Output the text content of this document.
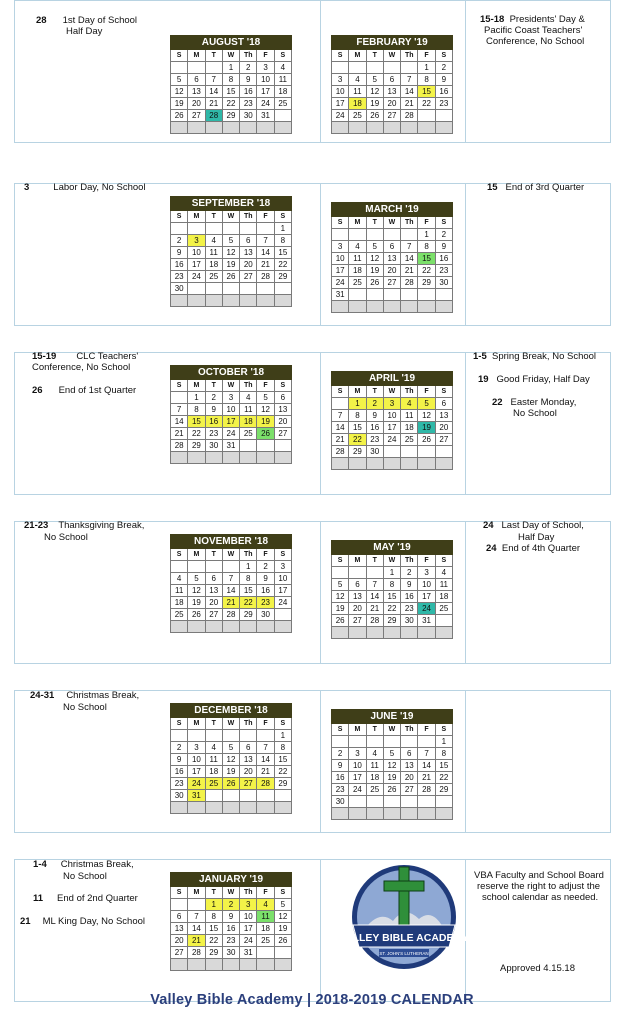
AUGUST '18						
S	M	T	W	Th	F	S
			1	2	3	4
5	6	7	8	9	10	11
12	13	14	15	16	17	18
19	20	21	22	23	24	25
26	27	28	29	30	31	

FEBRUARY '19						
S	M	T	W	Th	F	S
					1	2
3	4	5	6	7	8	9
10	11	12	13	14	15	16
17	18	19	20	21	22	23
24	25	26	27	28		

SEPTEMBER '18						
S	M	T	W	Th	F	S
						1
2	3	4	5	6	7	8
9	10	11	12	13	14	15
16	17	18	19	20	21	22
23	24	25	26	27	28	29
30						

MARCH '19						
S	M	T	W	Th	F	S
					1	2
3	4	5	6	7	8	9
10	11	12	13	14	15	16
17	18	19	20	21	22	23
24	25	26	27	28	29	30
31						

OCTOBER '18						
S	M	T	W	Th	F	S
	1	2	3	4	5	6
7	8	9	10	11	12	13
14	15	16	17	18	19	20
21	22	23	24	25	26	27
28	29	30	31			

APRIL '19						
S	M	T	W	Th	F	S
	1	2	3	4	5	6
7	8	9	10	11	12	13
14	15	16	17	18	19	20
21	22	23	24	25	26	27
28	29	30				

NOVEMBER '18						
S	M	T	W	Th	F	S
				1	2	3
4	5	6	7	8	9	10
11	12	13	14	15	16	17
18	19	20	21	22	23	24
25	26	27	28	29	30	

MAY '19						
S	M	T	W	Th	F	S
			1	2	3	4
5	6	7	8	9	10	11
12	13	14	15	16	17	18
19	20	21	22	23	24	25
26	27	28	29	30	31	

DECEMBER '18						
S	M	T	W	Th	F	S
						1
2	3	4	5	6	7	8
9	10	11	12	13	14	15
16	17	18	19	20	21	22
23	24	25	26	27	28	29
30	31					

JUNE '19						
S	M	T	W	Th	F	S
						1
2	3	4	5	6	7	8
9	10	11	12	13	14	15
16	17	18	19	20	21	22
23	24	25	26	27	28	29
30						

JANUARY '19						
S	M	T	W	Th	F	S
		1	2	3	4	5
6	7	8	9	10	11	12
13	14	15	16	17	18	19
20	21	22	23	24	25	26
27	28	29	30	31		

28 1st Day of School
Half Day
15-18 Presidents' Day &
Pacific Coast Teachers'
Conference, No School
3	Labor Day, No School	15 End of 3rd Quarter
15-19 CLC Teachers'
Conference, No School
26 End of 1st Quarter
1-5 Spring Break, No School
19 Good Friday, Half Day
22 Easter Monday,
No School
21-23 Thanksgiving Break,
No School
24 Last Day of School,
Half Day
24 End of 4th Quarter
24-31 Christmas Break,
No School
1-4 Christmas Break,
No School
11 End of 2nd Quarter
21 ML King Day, No School
VBA Faculty and School Board
reserve the right to adjust the
school calendar as needed.
Approved 4.15.18
VALLEY BIBLE ACADEMY
ST. JOHN'S LUTHERAN
Valley Bible Academy | 2018-2019 CALENDAR
